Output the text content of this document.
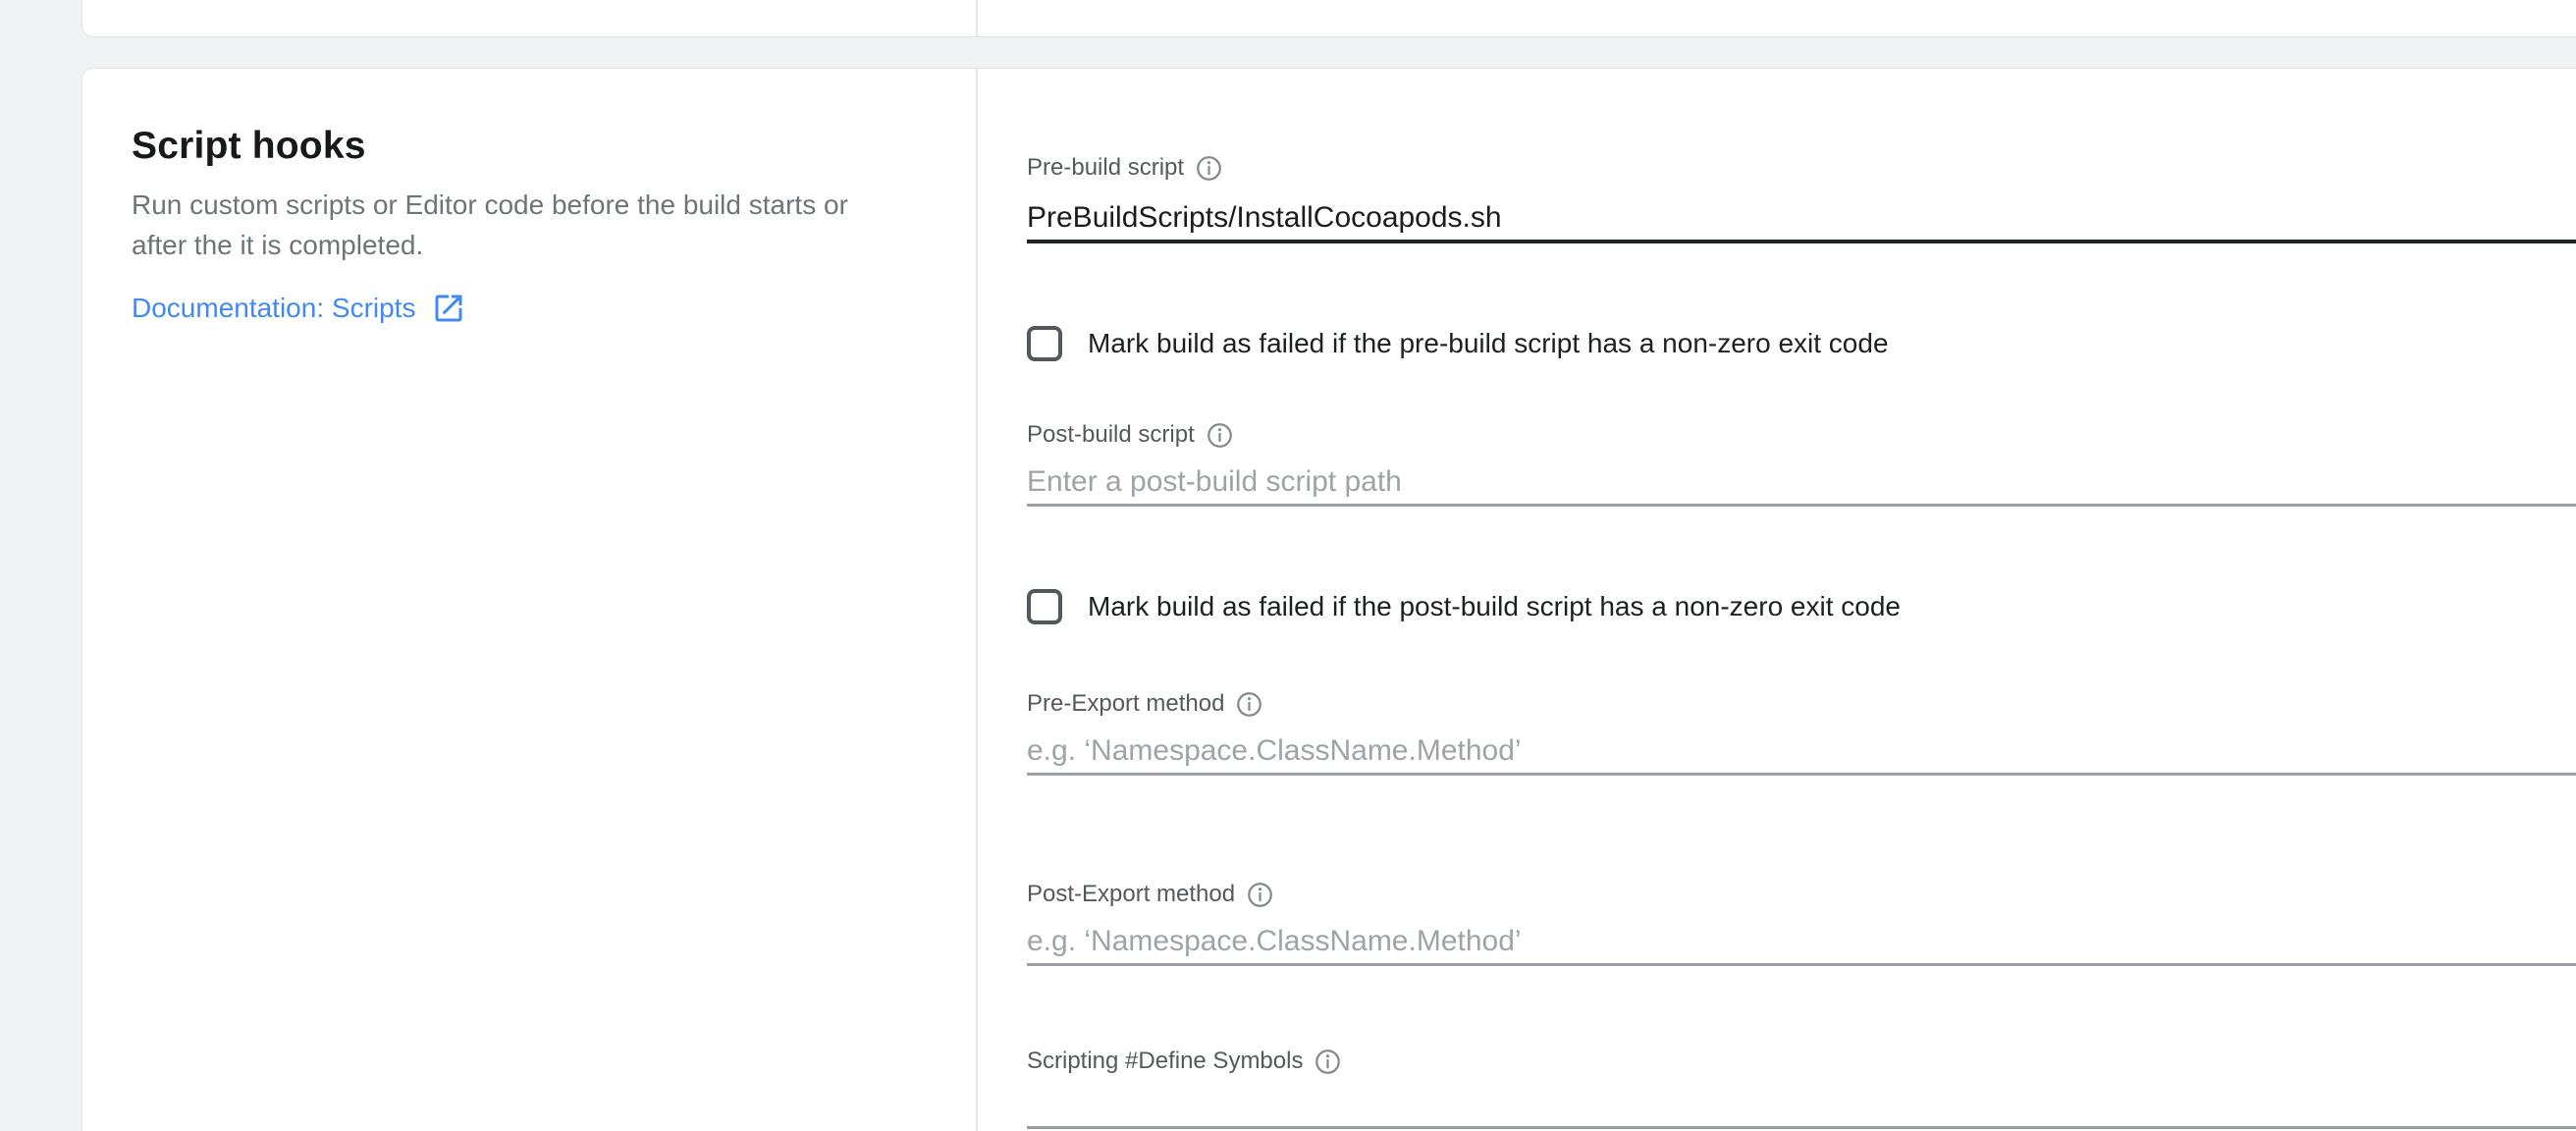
Script hooks
Run custom scripts or Editor code before the build starts or
after the it is completed.
Documentation: Scripts
Pre-build script
PreBuildScripts/InstallCocoapods.sh
Mark build as failed if the pre-build script has a non-zero exit code
Post-build script
Enter a post-build script path
Mark build as failed if the post-build script has a non-zero exit code
Pre-Export method
e.g. ‘Namespace.ClassName.Method’
Post-Export method
e.g. ‘Namespace.ClassName.Method’
Scripting #Define Symbols
